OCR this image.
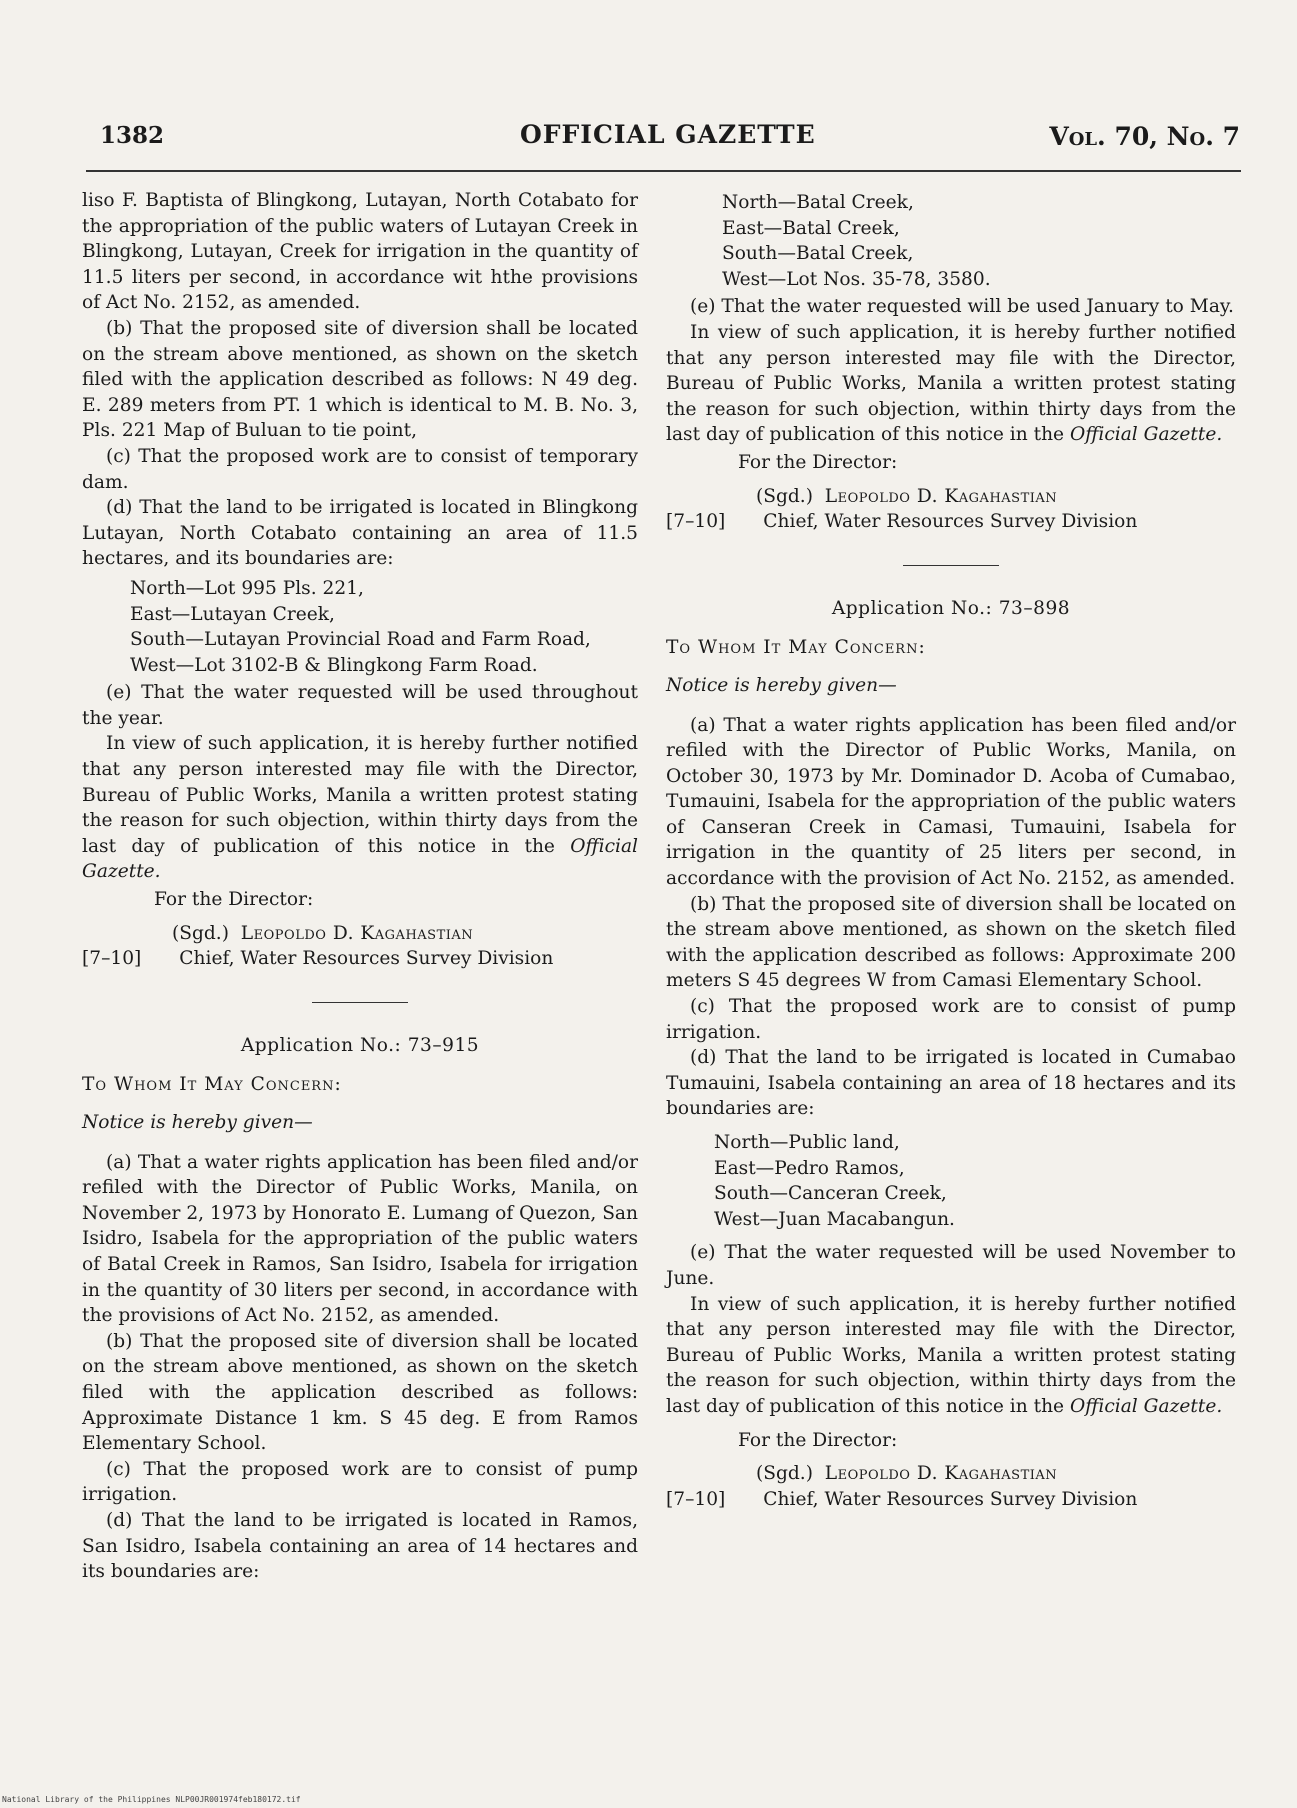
1382	OFFICIAL GAZETTE	Vol. 70, No. 7

liso F. Baptista of Blingkong, Lutayan, North Cotabato for the appropriation of the public waters of Lutayan Creek in Blingkong, Lutayan, Creek for irrigation in the quantity of 11.5 liters per second, in accordance wit hthe provisions of Act No. 2152, as amended.

(b) That the proposed site of diversion shall be located on the stream above mentioned, as shown on the sketch filed with the application described as follows: N 49 deg. E. 289 meters from PT. 1 which is identical to M. B. No. 3, Pls. 221 Map of Buluan to tie point,

(c) That the proposed work are to consist of temporary dam.

(d) That the land to be irrigated is located in Blingkong Lutayan, North Cotabato containing an area of 11.5 hectares, and its boundaries are:

North—Lot 995 Pls. 221,
East—Lutayan Creek,
South—Lutayan Provincial Road and Farm Road,
West—Lot 3102-B & Blingkong Farm Road.

(e) That the water requested will be used throughout the year.

In view of such application, it is hereby further notified that any person interested may file with the Director, Bureau of Public Works, Manila a written protest stating the reason for such objection, within thirty days from the last day of publication of this notice in the Official Gazette.

For the Director:
(Sgd.) Leopoldo D. Kagahastian
[7–10] Chief, Water Resources Survey Division
Application No.: 73–915
To Whom It May Concern:
Notice is hereby given—

(a) That a water rights application has been filed and/or refiled with the Director of Public Works, Manila, on November 2, 1973 by Honorato E. Lumang of Quezon, San Isidro, Isabela for the appropriation of the public waters of Batal Creek in Ramos, San Isidro, Isabela for irrigation in the quantity of 30 liters per second, in accordance with the provisions of Act No. 2152, as amended.

(b) That the proposed site of diversion shall be located on the stream above mentioned, as shown on the sketch filed with the application described as follows: Approximate Distance 1 km. S 45 deg. E from Ramos Elementary School.

(c) That the proposed work are to consist of pump irrigation.

(d) That the land to be irrigated is located in Ramos, San Isidro, Isabela containing an area of 14 hectares and its boundaries are:

North—Batal Creek,
East—Batal Creek,
South—Batal Creek,
West—Lot Nos. 35-78, 3580.

(e) That the water requested will be used January to May.

In view of such application, it is hereby further notified that any person interested may file with the Director, Bureau of Public Works, Manila a written protest stating the reason for such objection, within thirty days from the last day of publication of this notice in the Official Gazette.

For the Director:
(Sgd.) Leopoldo D. Kagahastian
[7–10] Chief, Water Resources Survey Division
Application No.: 73–898
To Whom It May Concern:
Notice is hereby given—

(a) That a water rights application has been filed and/or refiled with the Director of Public Works, Manila, on October 30, 1973 by Mr. Dominador D. Acoba of Cumabao, Tumauini, Isabela for the appropriation of the public waters of Canseran Creek in Camasi, Tumauini, Isabela for irrigation in the quantity of 25 liters per second, in accordance with the provision of Act No. 2152, as amended.

(b) That the proposed site of diversion shall be located on the stream above mentioned, as shown on the sketch filed with the application described as follows: Approximate 200 meters S 45 degrees W from Camasi Elementary School.

(c) That the proposed work are to consist of pump irrigation.

(d) That the land to be irrigated is located in Cumabao Tumauini, Isabela containing an area of 18 hectares and its boundaries are:

North—Public land,
East—Pedro Ramos,
South—Canceran Creek,
West—Juan Macabangun.

(e) That the water requested will be used November to June.

In view of such application, it is hereby further notified that any person interested may file with the Director, Bureau of Public Works, Manila a written protest stating the reason for such objection, within thirty days from the last day of publication of this notice in the Official Gazette.

For the Director:
(Sgd.) Leopoldo D. Kagahastian
[7–10] Chief, Water Resources Survey Division
National Library of the Philippines NLP00JR001974feb180172.tif
